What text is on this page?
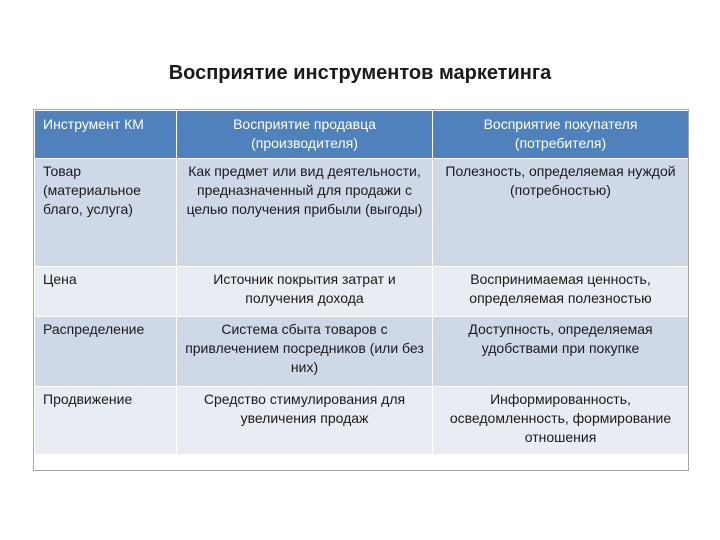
Восприятие инструментов маркетинга
Инструмент КМ	Восприятие продавца (производителя)	Восприятие покупателя (потребителя)
Товар (материальное благо, услуга)	Как предмет или вид деятельности, предназначенный для продажи с целью получения прибыли (выгоды)	Полезность, определяемая нуждой (потребностью)
Цена	Источник покрытия затрат и получения дохода	Воспринимаемая ценность, определяемая полезностью
Распределение	Система сбыта товаров с привлечением посредников (или без них)	Доступность, определяемая удобствами при покупке
Продвижение	Средство стимулирования для увеличения продаж	Информированность, осведомленность, формирование отношения
